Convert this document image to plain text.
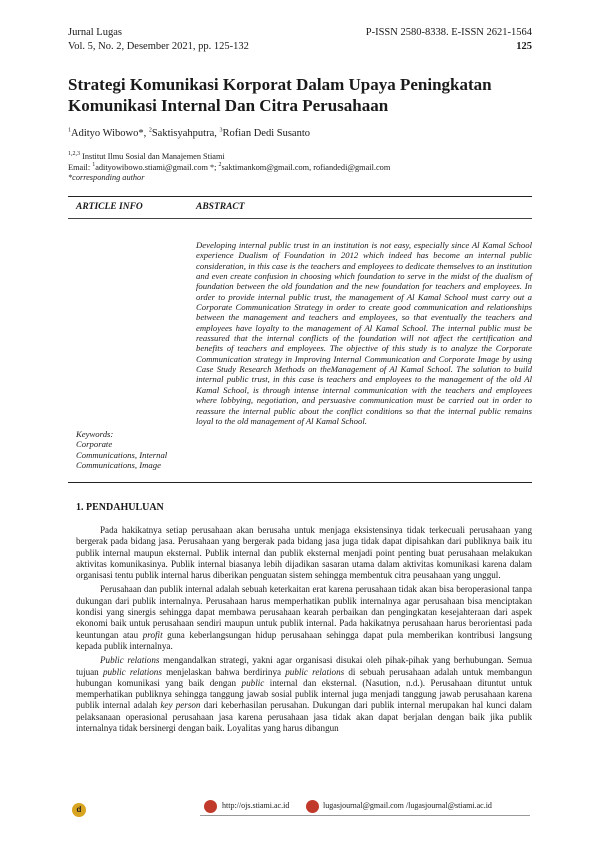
Jurnal Lugas
Vol. 5, No. 2, Desember 2021, pp. 125-132
P-ISSN 2580-8338. E-ISSN 2621-1564
125
Strategi Komunikasi Korporat Dalam Upaya Peningkatan Komunikasi Internal Dan Citra Perusahaan
$^1$Adityo Wibowo*, $^2$Saktisyahputra, $^3$Rofian Dedi Susanto
$^{1,2,3}$ Institut Ilmu Sosial dan Manajemen Stiami
Email: $^1$adityowibowo.stiami@gmail.com *; $^2$saktimankom@gmail.com, rofiandedi@gmail.com
*corresponding author
ARTICLE INFO	ABSTRACT

Developing internal public trust in an institution is not easy, especially since Al Kamal School experience Dualism of Foundation in 2012 which indeed has become an internal public consideration, in this case is the teachers and employees to dedicate themselves to an institution and even create confusion in choosing which foundation to serve in the midst of the dualism of foundation between the old foundation and the new foundation for teachers and employees. In order to provide internal public trust, the management of Al Kamal School must carry out a Corporate Communication Strategy in order to create good communication and relationships between the management and teachers and employees, so that eventually the teachers and employees have loyalty to the management of Al Kamal School. The internal public must be reassured that the internal conflicts of the foundation will not affect the certification and benefits of teachers and employees. The objective of this study is to analyze the Corporate Communication strategy in Improving Internal Communication and Corporate Image by using Case Study Research Methods on theManagement of Al Kamal School. The solution to build internal public trust, in this case is teachers and employees to the management of the old Al Kamal School, is through intense internal communication with the teachers and employees where lobbying, negotiation, and persuasive communication must be carried out in order to reassure the internal public about the conflict conditions so that the internal public remains loyal to the old management of Al Kamal School.

Keywords:
Corporate
Communications, Internal
Communications, Image
1. PENDAHULUAN

Pada hakikatnya setiap perusahaan akan berusaha untuk menjaga eksistensinya tidak terkecuali perusahaan yang bergerak pada bidang jasa. Perusahaan yang bergerak pada bidang jasa juga tidak dapat dipisahkan dari publiknya baik itu publik internal maupun eksternal. Publik internal dan publik eksternal menjadi point penting buat perusahaan melakukan aktivitas komunikasinya. Publik internal biasanya lebih dijadikan sasaran utama dalam aktivitas komunikasi karena dalam organisasi tentu publik internal harus diberikan penguatan sistem sehingga membentuk citra peusahaan yang unggul.

Perusahaan dan publik internal adalah sebuah keterkaitan erat karena perusahaan tidak akan bisa beroperasional tanpa dukungan dari publik internalnya. Perusahaan harus memperhatikan publik internalnya agar perusahaan bisa menciptakan kondisi yang sinergis sehingga dapat membawa perusahaan kearah perbaikan dan pengingkatan kesejahteraan dari aspek ekonomi baik untuk perusahaan sendiri maupun untuk publik internal. Pada hakikatnya perusahaan harus berorientasi pada keuntungan atau profit guna keberlangsungan hidup perusahaan sehingga dapat pula memberikan kontribusi langsung kepada publik internalnya.

Public relations mengandalkan strategi, yakni agar organisasi disukai oleh pihak-pihak yang berhubungan. Semua tujuan public relations menjelaskan bahwa berdirinya public relations di sebuah perusahaan adalah untuk membangun hubungan komunikasi yang baik dengan public internal dan eksternal. (Nasution, n.d.). Perusahaan dituntut untuk memperhatikan publiknya sehingga tanggung jawab sosial publik internal juga menjadi tanggung jawab perusahaan karena publik internal adalah key person dari keberhasilan perusahan. Dukungan dari publik internal merupakan hal kunci dalam pelaksanaan operasional perusahaan jasa karena perusahaan jasa tidak akan dapat berjalan dengan baik jika publik internalnya tidak bersinergi dengan baik. Loyalitas yang harus dibangun

d	http://ojs.stiami.ac.id	lugasjournal@gmail.com /lugasjournal@stiami.ac.id
